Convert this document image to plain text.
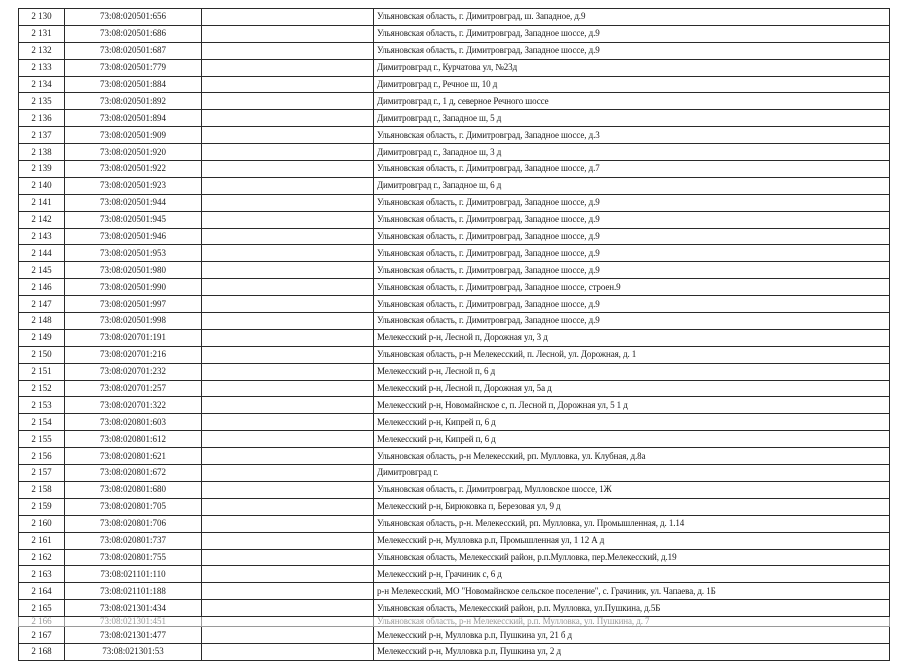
2 130	73:08:020501:656		Ульяновская область, г. Димитровград, ш. Западное, д.9
2 131	73:08:020501:686		Ульяновская область, г. Димитровград, Западное шоссе, д.9
2 132	73:08:020501:687		Ульяновская область, г. Димитровград, Западное шоссе, д.9
2 133	73:08:020501:779		Димитровград г., Курчатова ул, №23д
2 134	73:08:020501:884		Димитровград г., Речное ш, 10 д
2 135	73:08:020501:892		Димитровград г., 1 д, северное Речного шоссе
2 136	73:08:020501:894		Димитровград г., Западное ш, 5 д
2 137	73:08:020501:909		Ульяновская область, г. Димитровград, Западное шоссе, д.3
2 138	73:08:020501:920		Димитровград г., Западное ш, 3 д
2 139	73:08:020501:922		Ульяновская область, г. Димитровград, Западное шоссе, д.7
2 140	73:08:020501:923		Димитровград г., Западное ш, 6 д
2 141	73:08:020501:944		Ульяновская область, г. Димитровград, Западное шоссе, д.9
2 142	73:08:020501:945		Ульяновская область, г. Димитровград, Западное шоссе, д.9
2 143	73:08:020501:946		Ульяновская область, г. Димитровград, Западное шоссе, д.9
2 144	73:08:020501:953		Ульяновская область, г. Димитровград, Западное шоссе, д.9
2 145	73:08:020501:980		Ульяновская область, г. Димитровград, Западное шоссе, д.9
2 146	73:08:020501:990		Ульяновская область, г. Димитровград, Западное шоссе, строен.9
2 147	73:08:020501:997		Ульяновская область, г. Димитровград, Западное шоссе, д.9
2 148	73:08:020501:998		Ульяновская область, г. Димитровград, Западное шоссе, д.9
2 149	73:08:020701:191		Мелекесский р-н, Лесной п, Дорожная ул, 3 д
2 150	73:08:020701:216		Ульяновская область, р-н Мелекесский, п. Лесной, ул. Дорожная, д. 1
2 151	73:08:020701:232		Мелекесский р-н, Лесной п, 6 д
2 152	73:08:020701:257		Мелекесский р-н, Лесной п, Дорожная ул, 5а д
2 153	73:08:020701:322		Мелекесский р-н, Новомайнское с, п. Лесной п, Дорожная ул, 5 1 д
2 154	73:08:020801:603		Мелекесский р-н, Кипрей п, 6 д
2 155	73:08:020801:612		Мелекесский р-н, Кипрей п, 6 д
2 156	73:08:020801:621		Ульяновская область, р-н Мелекесский, рп. Мулловка, ул. Клубная, д.8а
2 157	73:08:020801:672		Димитровград г.
2 158	73:08:020801:680		Ульяновская область, г. Димитровград, Мулловское шоссе, 1Ж
2 159	73:08:020801:705		Мелекесский р-н, Бирюковка п, Березовая ул, 9 д
2 160	73:08:020801:706		Ульяновская область, р-н. Мелекесский, рп. Мулловка, ул. Промышленная, д. 1.14
2 161	73:08:020801:737		Мелекесский р-н, Мулловка р.п, Промышленная ул, 1 12 А д
2 162	73:08:020801:755		Ульяновская область, Мелекесский район, р.п.Мулловка, пер.Мелекесский, д.19
2 163	73:08:021101:110		Мелекесский р-н, Грачиник с, 6 д
2 164	73:08:021101:188		р-н Мелекесский, МО "Новомайнское сельское поселение", с. Грачиник, ул. Чапаева, д. 1Б
2 165	73:08:021301:434		Ульяновская область, Мелекесский район, р.п. Мулловка, ул.Пушкина, д.5Б
2 166	73:08:021301:451		Ульяновская область, р-н Мелекесский, р.п. Мулловка, ул. Пушкина, д. 7
2 167	73:08:021301:477		Мелекесский р-н, Мулловка р.п, Пушкина ул, 21 б д
2 168	73:08:021301:53		Мелекесский р-н, Мулловка р.п, Пушкина ул, 2 д
